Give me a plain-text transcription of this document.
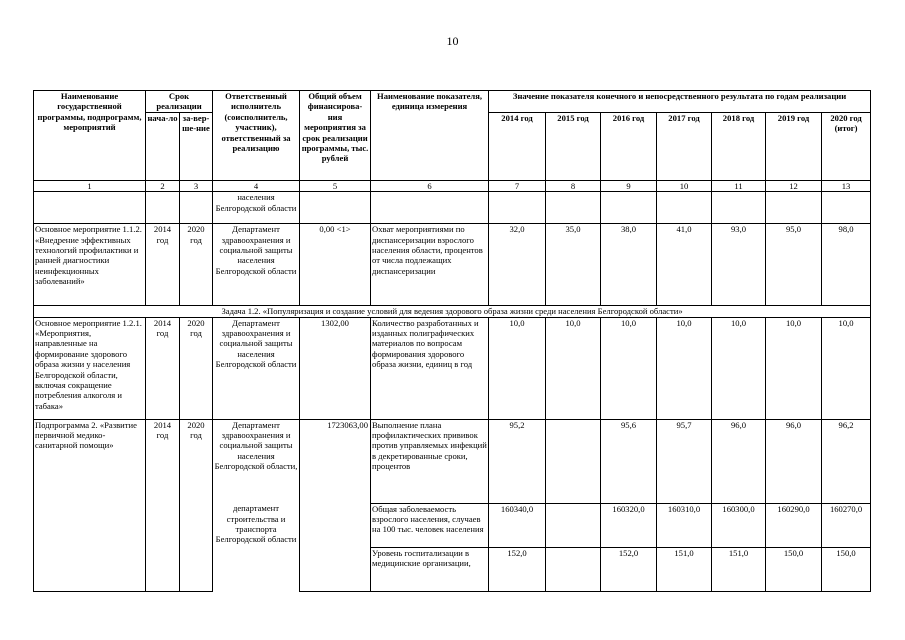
10
Наименование государственной программы, подпрограмм, мероприятий	Срок реализации		Ответственный исполнитель (соисполнитель, участник), ответственный за реализацию	Общий объем финансирова-ния мероприятия за срок реализации программы, тыс. рублей	Наименование показателя, единица измерения	Значение показателя конечного и непосредственного результата по годам реализации						
	нача-ло	за-вер-ше-ние				2014 год	2015 год	2016 год	2017 год	2018 год	2019 год	2020 год (итог)
1	2	3	4	5	6	7	8	9	10	11	12	13
			населения Белгородской области									
Основное мероприятие 1.1.2. «Внедрение эффективных технологий профилактики и ранней диагностики неинфекционных заболеваний»	2014 год	2020 год	Департамент здравоохранения и социальной защиты населения Белгородской области	0,00 <1>	Охват мероприятиями по диспансеризации взрослого населения области, процентов от числа подлежащих диспансеризации	32,0	35,0	38,0	41,0	93,0	95,0	98,0
Задача 1.2. «Популяризация и создание условий для ведения здорового образа жизни среди населения Белгородской области»												
Основное мероприятие 1.2.1. «Мероприятия, направленные на формирование здорового образа жизни у населения Белгородской области, включая сокращение потребления алкоголя и табака»	2014 год	2020 год	Департамент здравоохранения и социальной защиты населения Белгородской области	1302,00	Количество разработанных и изданных полиграфических материалов по вопросам формирования здорового образа жизни, единиц в год	10,0	10,0	10,0	10,0	10,0	10,0	10,0
Подпрограмма 2. «Развитие первичной медико-санитарной помощи»	2014 год	2020 год	Департамент здравоохранения и социальной защиты населения Белгородской области,	1723063,00	Выполнение плана профилактических прививок против управляемых инфекций в декретированные сроки, процентов	95,2		95,6	95,7	96,0	96,0	96,2
			департамент строительства и транспорта Белгородской области		Общая заболеваемость взрослого населения, случаев на 100 тыс. человек населения	160340,0		160320,0	160310,0	160300,0	160290,0	160270,0
					Уровень госпитализации в медицинские организации,	152,0		152,0	151,0	151,0	150,0	150,0
